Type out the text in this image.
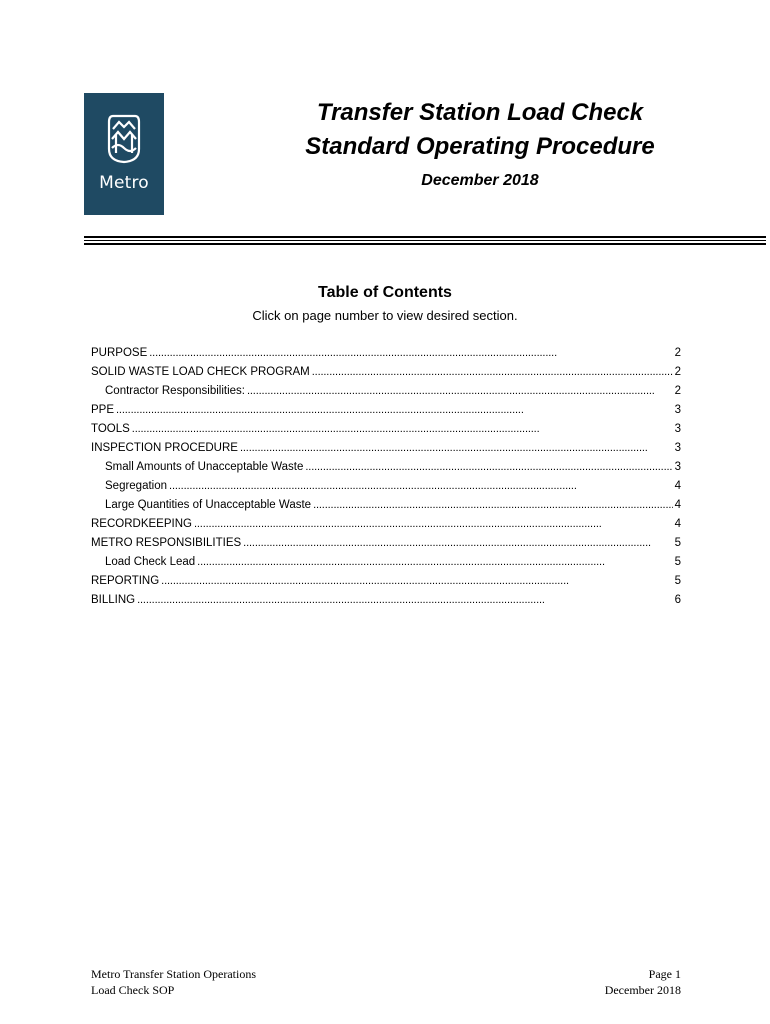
Metro
Transfer Station Load Check
Standard Operating Procedure
December 2018
Table of Contents
Click on page number to view desired section.
PURPOSE . . .	2
SOLID WASTE LOAD CHECK PROGRAM . . .	2
Contractor Responsibilities: . . .	2
PPE . . .	3
TOOLS . . .	3
INSPECTION PROCEDURE . . .	3
Small Amounts of Unacceptable Waste . . .	3
Segregation . . .	4
Large Quantities of Unacceptable Waste . . .	4
RECORDKEEPING . . .	4
METRO RESPONSIBILITIES . . .	5
Load Check Lead . . .	5
REPORTING . . .	5
BILLING . . .	6
Metro Transfer Station Operations
Load Check SOP
Page 1
December 2018
